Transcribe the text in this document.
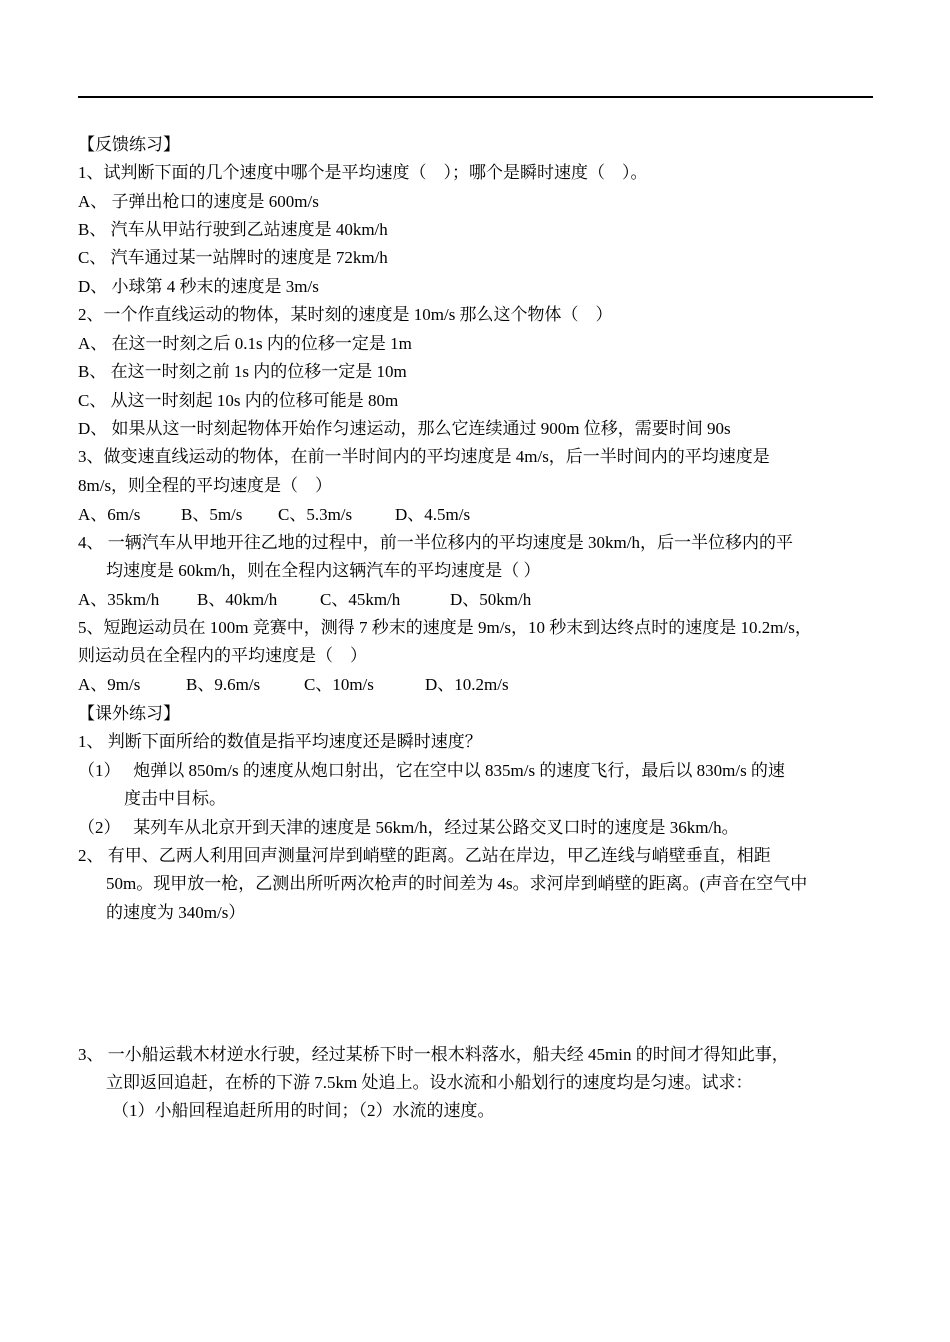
【反馈练习】
1、试判断下面的几个速度中哪个是平均速度（　）；哪个是瞬时速度（　）。
A、 子弹出枪口的速度是 600m/s
B、 汽车从甲站行驶到乙站速度是 40km/h
C、 汽车通过某一站牌时的速度是 72km/h
D、 小球第 4 秒末的速度是 3m/s
2、一个作直线运动的物体，某时刻的速度是 10m/s 那么这个物体（　）
A、 在这一时刻之后 0.1s 内的位移一定是 1m
B、 在这一时刻之前 1s 内的位移一定是 10m
C、 从这一时刻起 10s 内的位移可能是 80m
D、 如果从这一时刻起物体开始作匀速运动，那么它连续通过 900m 位移，需要时间 90s
3、做变速直线运动的物体，在前一半时间内的平均速度是 4m/s，后一半时间内的平均速度是
8m/s，则全程的平均速度是（　）
A、6m/s B、5m/s C、5.3m/s	D、4.5m/s
4、 一辆汽车从甲地开往乙地的过程中，前一半位移内的平均速度是 30km/h，后一半位移内的平
均速度是 60km/h，则在全程内这辆汽车的平均速度是（ ）
A、35km/h B、40km/h	C、45km/h	D、50km/h
5、短跑运动员在 100m 竞赛中，测得 7 秒末的速度是 9m/s，10 秒末到达终点时的速度是 10.2m/s，
则运动员在全程内的平均速度是（　）
A、9m/s	B、9.6m/s	C、10m/s	D、10.2m/s
【课外练习】
1、 判断下面所给的数值是指平均速度还是瞬时速度？
（1）　 炮弹以 850m/s 的速度从炮口射出，它在空中以 835m/s 的速度飞行，最后以 830m/s 的速
度击中目标。
（2）　 某列车从北京开到天津的速度是 56km/h，经过某公路交叉口时的速度是 36km/h。
2、 有甲、乙两人利用回声测量河岸到峭壁的距离。乙站在岸边，甲乙连线与峭壁垂直，相距
50m。现甲放一枪，乙测出所听两次枪声的时间差为 4s。求河岸到峭壁的距离。(声音在空气中
的速度为 340m/s）
3、 一小船运载木材逆水行驶，经过某桥下时一根木料落水，船夫经 45min 的时间才得知此事，
立即返回追赶，在桥的下游 7.5km 处追上。设水流和小船划行的速度均是匀速。试求：
（1）小船回程追赶所用的时间；（2）水流的速度。
